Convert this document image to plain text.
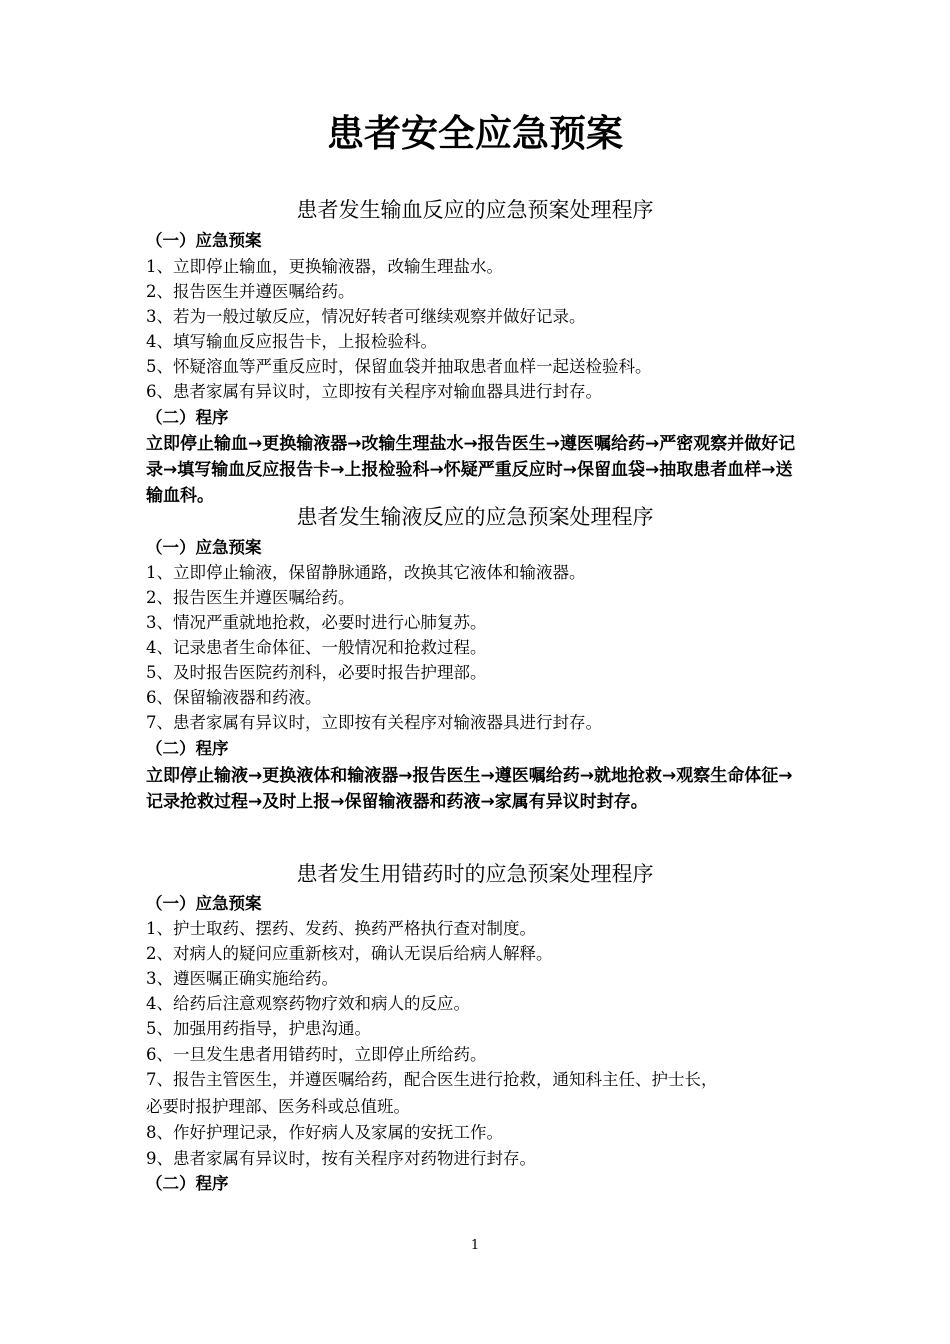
患者安全应急预案
患者发生输血反应的应急预案处理程序

（一）应急预案

1、立即停止输血，更换输液器，改输生理盐水。

2、报告医生并遵医嘱给药。

3、若为一般过敏反应，情况好转者可继续观察并做好记录。

4、填写输血反应报告卡，上报检验科。

5、怀疑溶血等严重反应时，保留血袋并抽取患者血样一起送检验科。

6、患者家属有异议时，立即按有关程序对输血器具进行封存。

（二）程序

立即停止输血→更换输液器→改输生理盐水→报告医生→遵医嘱给药→严密观察并做好记录→填写输血反应报告卡→上报检验科→怀疑严重反应时→保留血袋→抽取患者血样→送输血科。

患者发生输液反应的应急预案处理程序

（一）应急预案

1、立即停止输液，保留静脉通路，改换其它液体和输液器。

2、报告医生并遵医嘱给药。

3、情况严重就地抢救，必要时进行心肺复苏。

4、记录患者生命体征、一般情况和抢救过程。

5、及时报告医院药剂科，必要时报告护理部。

6、保留输液器和药液。

7、患者家属有异议时，立即按有关程序对输液器具进行封存。

（二）程序

立即停止输液→更换液体和输液器→报告医生→遵医嘱给药→就地抢救→观察生命体征→记录抢救过程→及时上报→保留输液器和药液→家属有异议时封存。

患者发生用错药时的应急预案处理程序

（一）应急预案

1、护士取药、摆药、发药、换药严格执行查对制度。

2、对病人的疑问应重新核对，确认无误后给病人解释。

3、遵医嘱正确实施给药。

4、给药后注意观察药物疗效和病人的反应。

5、加强用药指导，护患沟通。

6、一旦发生患者用错药时，立即停止所给药。

7、报告主管医生，并遵医嘱给药，配合医生进行抢救，通知科主任、护士长，

必要时报护理部、医务科或总值班。

8、作好护理记录，作好病人及家属的安抚工作。

9、患者家属有异议时，按有关程序对药物进行封存。

（二）程序

1
